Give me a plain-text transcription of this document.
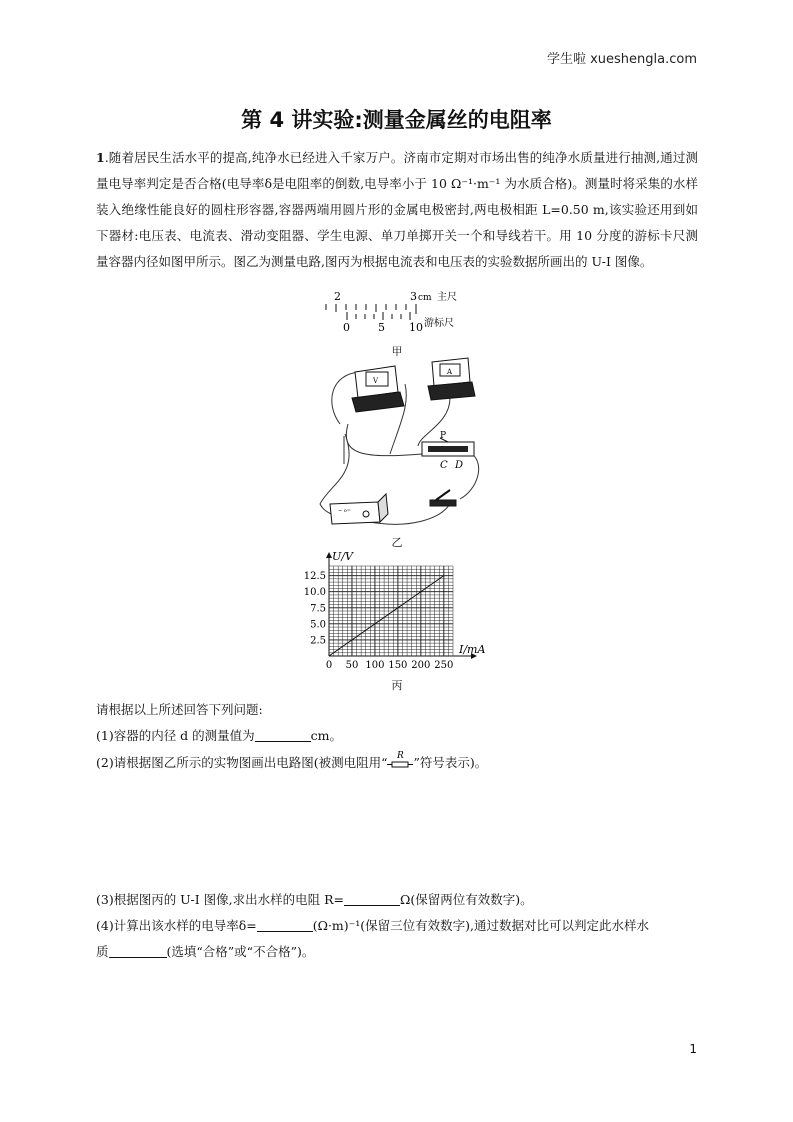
学生啦 xueshengla.com
第 4 讲实验:测量金属丝的电阻率
1.随着居民生活水平的提高,纯净水已经进入千家万户。济南市定期对市场出售的纯净水质量进行抽测,通过测量电导率判定是否合格(电导率δ是电阻率的倒数,电导率小于 10 Ω⁻¹·m⁻¹ 为水质合格)。测量时将采集的水样装入绝缘性能良好的圆柱形容器,容器两端用圆片形的金属电极密封,两电极相距 L=0.50 m,该实验还用到如下器材:电压表、电流表、滑动变阻器、学生电源、单刀单掷开关一个和导线若干。用 10 分度的游标卡尺测量容器内径如图甲所示。图乙为测量电路,图丙为根据电流表和电压表的实验数据所画出的 U-I 图像。
2	3 cm 主尺
0	5 10 游标尺
甲
V
A
P
C D
~ o=
乙
0 50 100 150 200 250
2.5
5.0
7.5
10.0
12.5
U/V
I/mA
丙
请根据以上所述回答下列问题:
(1)容器的内径 d 的测量值为	cm。
(2)请根据图乙所示的实物图画出电路图(被测电阻用“ R ”符号表示)。
(3)根据图丙的 U-I 图像,求出水样的电阻 R=	Ω(保留两位有效数字)。
(4)计算出该水样的电导率δ=	(Ω·m)⁻¹(保留三位有效数字),通过数据对比可以判定此水样水
质	(选填“合格”或“不合格”)。
1
